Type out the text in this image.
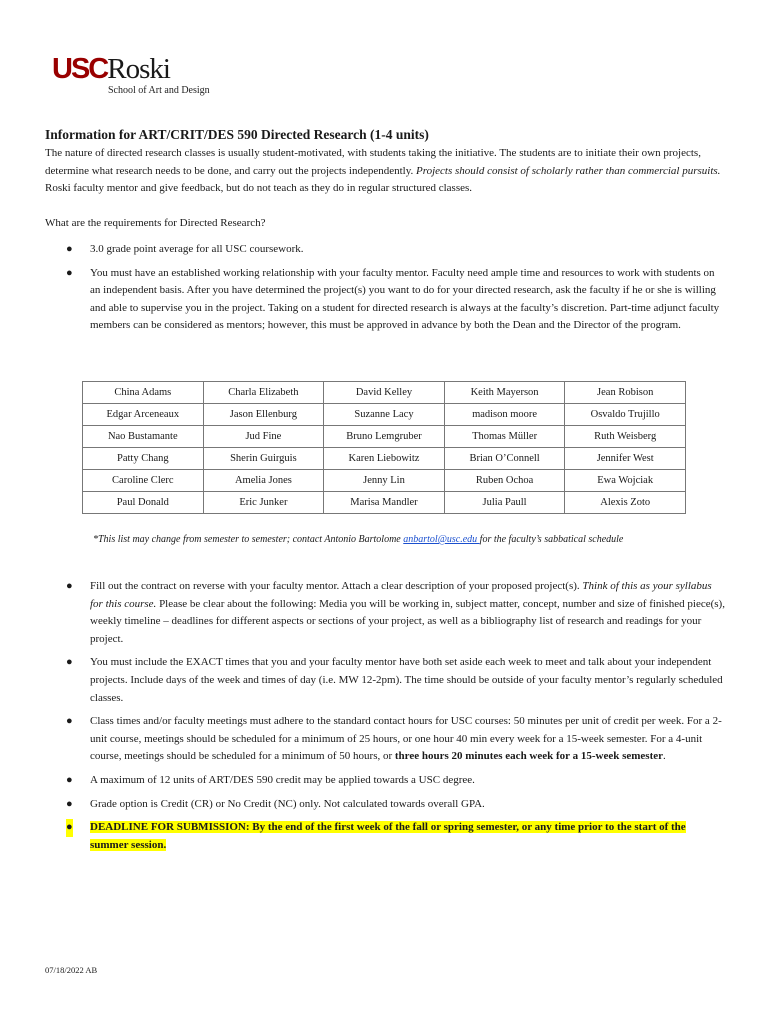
USCRoski
School of Art and Design
Information for ART/CRIT/DES 590 Directed Research (1-4 units)
The nature of directed research classes is usually student-motivated, with students taking the initiative. The students are to initiate their own projects, determine what research needs to be done, and carry out the projects independently. Projects should consist of scholarly rather than commercial pursuits. Roski faculty mentor and give feedback, but do not teach as they do in regular structured classes.
What are the requirements for Directed Research?
● 3.0 grade point average for all USC coursework.
● You must have an established working relationship with your faculty mentor. Faculty need ample time and resources to work with students on an independent basis. After you have determined the project(s) you want to do for your directed research, ask the faculty if he or she is willing and able to supervise you in the project. Taking on a student for directed research is always at the faculty’s discretion. Part-time adjunct faculty members can be considered as mentors; however, this must be approved in advance by both the Dean and the Director of the program.
China Adams	Charla Elizabeth	David Kelley	Keith Mayerson	Jean Robison
Edgar Arceneaux	Jason Ellenburg	Suzanne Lacy	madison moore	Osvaldo Trujillo
Nao Bustamante	Jud Fine	Bruno Lemgruber	Thomas Müller	Ruth Weisberg
Patty Chang	Sherin Guirguis	Karen Liebowitz	Brian O’Connell	Jennifer West
Caroline Clerc	Amelia Jones	Jenny Lin	Ruben Ochoa	Ewa Wojciak
Paul Donald	Eric Junker	Marisa Mandler	Julia Paull	Alexis Zoto
*This list may change from semester to semester; contact Antonio Bartolome anbartol@usc.edu for the faculty’s sabbatical schedule
● Fill out the contract on reverse with your faculty mentor. Attach a clear description of your proposed project(s). Think of this as your syllabus for this course. Please be clear about the following: Media you will be working in, subject matter, concept, number and size of finished piece(s), weekly timeline – deadlines for different aspects or sections of your project, as well as a bibliography list of research and readings for your project.
● You must include the EXACT times that you and your faculty mentor have both set aside each week to meet and talk about your independent projects. Include days of the week and times of day (i.e. MW 12-2pm). The time should be outside of your faculty mentor’s regularly scheduled classes.
● Class times and/or faculty meetings must adhere to the standard contact hours for USC courses: 50 minutes per unit of credit per week. For a 2-unit course, meetings should be scheduled for a minimum of 25 hours, or one hour 40 min every week for a 15-week semester. For a 4-unit course, meetings should be scheduled for a minimum of 50 hours, or three hours 20 minutes each week for a 15-week semester.
● A maximum of 12 units of ART/DES 590 credit may be applied towards a USC degree.
● Grade option is Credit (CR) or No Credit (NC) only. Not calculated towards overall GPA.
● DEADLINE FOR SUBMISSION: By the end of the first week of the fall or spring semester, or any time prior to the start of the summer session.
07/18/2022 AB
